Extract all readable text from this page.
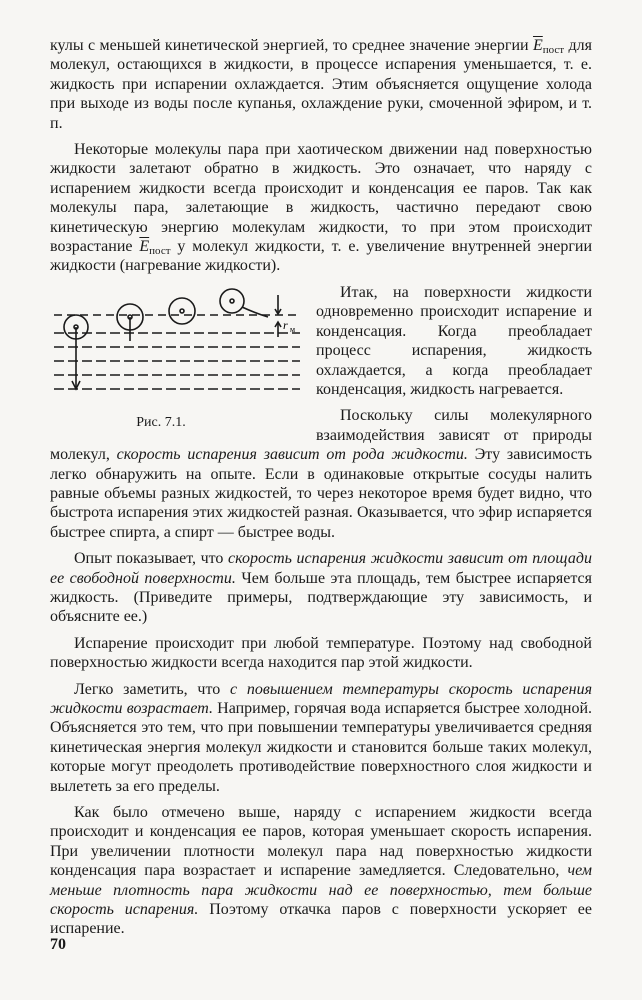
кулы с меньшей кинетической энергией, то среднее значение энергии $\overline{E}_{пост}$ для молекул, остающихся в жидкости, в процессе испарения уменьшается, т. е. жидкость при испарении охлаждается. Этим объясняется ощущение холода при выходе из воды после купанья, охлаждение руки, смоченной эфиром, и т. п.

Некоторые молекулы пара при хаотическом движении над поверхностью жидкости залетают обратно в жидкость. Это означает, что наряду с испарением жидкости всегда происходит и конденсация ее паров. Так как молекулы пара, залетающие в жидкость, частично передают свою кинетическую энергию молекулам жидкости, то при этом происходит возрастание $\overline{E}_{пост}$ у молекул жидкости, т. е. увеличение внутренней энергии жидкости (нагревание жидкости).

r м
Рис. 7.1.

Итак, на поверхности жидкости одновременно происходит испарение и конденсация. Когда преобладает процесс испарения, жидкость охлаждается, а когда преобладает конденсация, жидкость нагревается.

Поскольку силы молекулярного взаимодействия зависят от природы молекул, скорость испарения зависит от рода жидкости. Эту зависимость легко обнаружить на опыте. Если в одинаковые открытые сосуды налить равные объемы разных жидкостей, то через некоторое время будет видно, что быстрота испарения этих жидкостей разная. Оказывается, что эфир испаряется быстрее спирта, а спирт — быстрее воды.

Опыт показывает, что скорость испарения жидкости зависит от площади ее свободной поверхности. Чем больше эта площадь, тем быстрее испаряется жидкость. (Приведите примеры, подтверждающие эту зависимость, и объясните ее.)

Испарение происходит при любой температуре. Поэтому над свободной поверхностью жидкости всегда находится пар этой жидкости.

Легко заметить, что с повышением температуры скорость испарения жидкости возрастает. Например, горячая вода испаряется быстрее холодной. Объясняется это тем, что при повышении температуры увеличивается средняя кинетическая энергия молекул жидкости и становится больше таких молекул, которые могут преодолеть противодействие поверхностного слоя жидкости и вылететь за его пределы.

Как было отмечено выше, наряду с испарением жидкости всегда происходит и конденсация ее паров, которая уменьшает скорость испарения. При увеличении плотности молекул пара над поверхностью жидкости конденсация пара возрастает и испарение замедляется. Следовательно, чем меньше плотность пара жидкости над ее поверхностью, тем больше скорость испарения. Поэтому откачка паров с поверхности ускоряет ее испарение.

70
